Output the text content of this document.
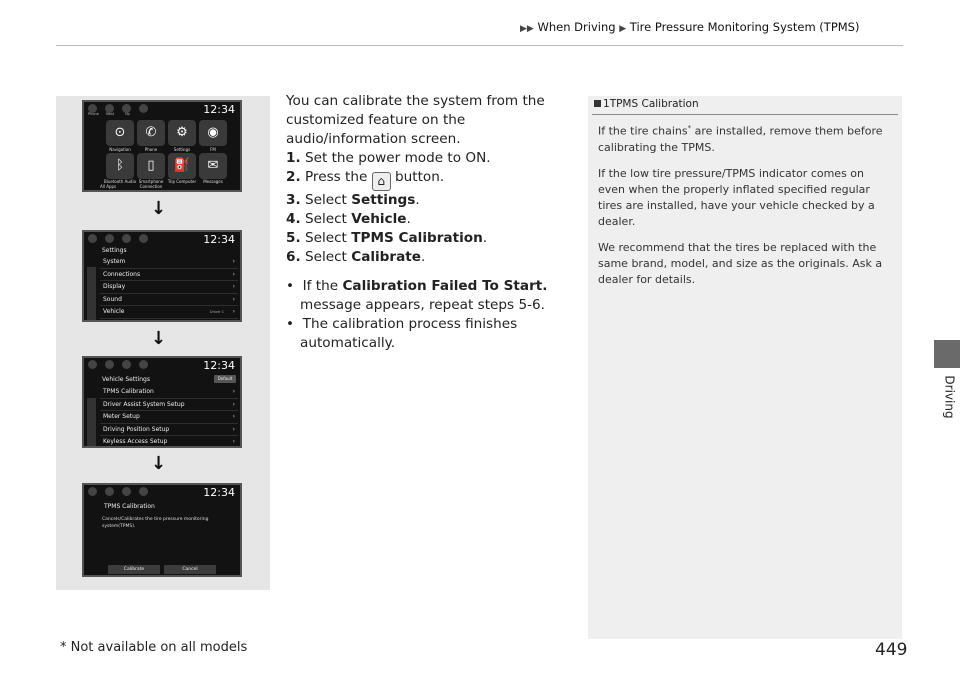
▶▶ When Driving ▶ Tire Pressure Monitoring System (TPMS)
Driving
Phone Next	Up	12:34
⊙	✆	⚙	◉
Navigation	Phone	Settings	FM
ᛒ	▯	⛽	✉
Bluetooth Audio Smartphone Connection
Trip Computer	Messages
All Apps
↓
12:34
Settings
System	›
Connections	›
Display	›
Sound	›
Vehicle	Driver 1 ›
↓
12:34
Vehicle Settings	Default
TPMS Calibration	›
Driver Assist System Setup	›
Meter Setup	›
Driving Position Setup	›
Keyless Access Setup	›
↓
12:34
TPMS Calibration
Cancels/Calibrates the tire pressure monitoring system(TPMS).
Calibrate	Cancel
You can calibrate the system from the customized feature on the audio/information screen.
1. Set the power mode to ON.
2. Press the ⌂ button.
3. Select Settings.
4. Select Vehicle.
5. Select TPMS Calibration.
6. Select Calibrate.
•  If the Calibration Failed To Start. message appears, repeat steps 5-6.
•  The calibration process finishes automatically.
1TPMS Calibration

If the tire chains* are installed, remove them before calibrating the TPMS.

If the low tire pressure/TPMS indicator comes on even when the properly inflated specified regular tires are installed, have your vehicle checked by a dealer.

We recommend that the tires be replaced with the same brand, model, and size as the originals. Ask a dealer for details.

* Not available on all models	449
